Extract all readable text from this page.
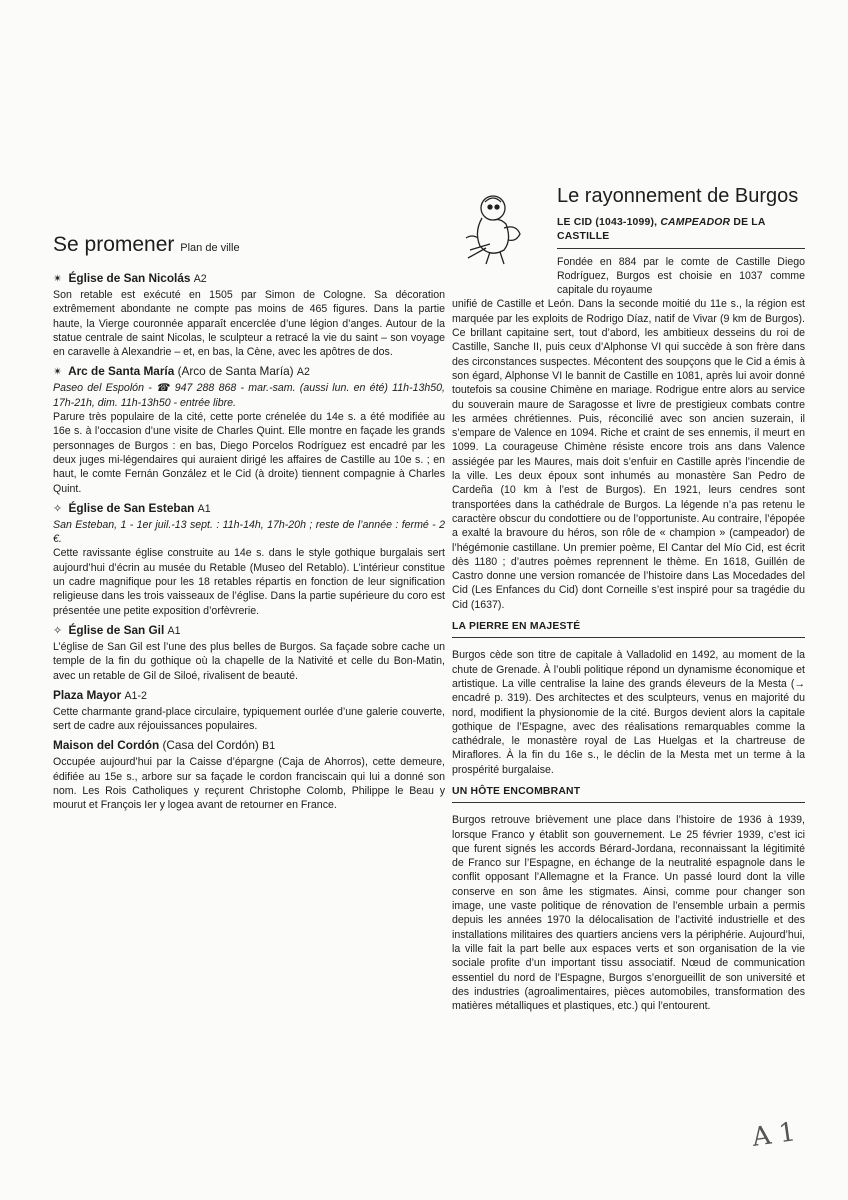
Se promener Plan de ville
✴ Église de San Nicolás A2

Son retable est exécuté en 1505 par Simon de Cologne. Sa décoration extrêmement abondante ne compte pas moins de 465 figures. Dans la partie haute, la Vierge couronnée apparaît encerclée d’une légion d’anges. Autour de la statue centrale de saint Nicolas, le sculpteur a retracé la vie du saint – son voyage en caravelle à Alexandrie – et, en bas, la Cène, avec les apôtres de dos.

✴ Arc de Santa María (Arco de Santa María) A2

Paseo del Espolón - ☎ 947 288 868 - mar.-sam. (aussi lun. en été) 11h-13h50, 17h-21h, dim. 11h-13h50 - entrée libre.

Parure très populaire de la cité, cette porte crénelée du 14e s. a été modifiée au 16e s. à l’occasion d’une visite de Charles Quint. Elle montre en façade les grands personnages de Burgos : en bas, Diego Porcelos Rodríguez est encadré par les deux juges mi-légendaires qui auraient dirigé les affaires de Castille au 10e s. ; en haut, le comte Fernán González et le Cid (à droite) tiennent compagnie à Charles Quint.

✧ Église de San Esteban A1

San Esteban, 1 - 1er juil.-13 sept. : 11h-14h, 17h-20h ; reste de l’année : fermé - 2 €.

Cette ravissante église construite au 14e s. dans le style gothique burgalais sert aujourd’hui d’écrin au musée du Retable (Museo del Retablo). L’intérieur constitue un cadre magnifique pour les 18 retables répartis en fonction de leur signification religieuse dans les trois vaisseaux de l’église. Dans la partie supérieure du coro est présentée une petite exposition d’orfèvrerie.

✧ Église de San Gil A1

L’église de San Gil est l’une des plus belles de Burgos. Sa façade sobre cache un temple de la fin du gothique où la chapelle de la Nativité et celle du Bon-Matin, avec un retable de Gil de Siloé, rivalisent de beauté.

Plaza Mayor A1-2

Cette charmante grand-place circulaire, typiquement ourlée d’une galerie couverte, sert de cadre aux réjouissances populaires.

Maison del Cordón (Casa del Cordón) B1

Occupée aujourd’hui par la Caisse d’épargne (Caja de Ahorros), cette demeure, édifiée au 15e s., arbore sur sa façade le cordon franciscain qui lui a donné son nom. Les Rois Catholiques y reçurent Christophe Colomb, Philippe le Beau y mourut et François Ier y logea avant de retourner en France.

Le rayonnement de Burgos
LE CID (1043-1099), CAMPEADOR DE LA CASTILLE

Fondée en 884 par le comte de Castille Diego Rodríguez, Burgos est choisie en 1037 comme capitale du royaume

unifié de Castille et León. Dans la seconde moitié du 11e s., la région est marquée par les exploits de Rodrigo Díaz, natif de Vivar (9 km de Burgos). Ce brillant capitaine sert, tout d’abord, les ambitieux desseins du roi de Castille, Sanche II, puis ceux d’Alphonse VI qui succède à son frère dans des circonstances suspectes. Mécontent des soupçons que le Cid a émis à son égard, Alphonse VI le bannit de Castille en 1081, après lui avoir donné toutefois sa cousine Chimène en mariage. Rodrigue entre alors au service du souverain maure de Saragosse et livre de prestigieux combats contre les armées chrétiennes. Puis, réconcilié avec son ancien suzerain, il s’empare de Valence en 1094. Riche et craint de ses ennemis, il meurt en 1099. La courageuse Chimène résiste encore trois ans dans Valence assiégée par les Maures, mais doit s’enfuir en Castille après l’incendie de la ville. Les deux époux sont inhumés au monastère San Pedro de Cardeña (10 km à l’est de Burgos). En 1921, leurs cendres sont transportées dans la cathédrale de Burgos. La légende n’a pas retenu le caractère obscur du condottiere ou de l’opportuniste. Au contraire, l’épopée a exalté la bravoure du héros, son rôle de « champion » (campeador) de l’hégémonie castillane. Un premier poème, El Cantar del Mío Cid, est écrit dès 1180 ; d’autres poèmes reprennent le thème. En 1618, Guillén de Castro donne une version romancée de l’histoire dans Las Mocedades del Cid (Les Enfances du Cid) dont Corneille s’est inspiré pour sa tragédie du Cid (1637).

LA PIERRE EN MAJESTÉ

Burgos cède son titre de capitale à Valladolid en 1492, au moment de la chute de Grenade. À l’oubli politique répond un dynamisme économique et artistique. La ville centralise la laine des grands éleveurs de la Mesta (→ encadré p. 319). Des architectes et des sculpteurs, venus en majorité du nord, modifient la physionomie de la cité. Burgos devient alors la capitale gothique de l’Espagne, avec des réalisations remarquables comme la cathédrale, le monastère royal de Las Huelgas et la chartreuse de Miraflores. À la fin du 16e s., le déclin de la Mesta met un terme à la prospérité burgalaise.

UN HÔTE ENCOMBRANT

Burgos retrouve brièvement une place dans l’histoire de 1936 à 1939, lorsque Franco y établit son gouvernement. Le 25 février 1939, c’est ici que furent signés les accords Bérard-Jordana, reconnaissant la légitimité de Franco sur l’Espagne, en échange de la neutralité espagnole dans le conflit opposant l’Allemagne et la France. Un passé lourd dont la ville conserve en son âme les stigmates. Ainsi, comme pour changer son image, une vaste politique de rénovation de l’ensemble urbain a permis depuis les années 1970 la délocalisation de l’activité industrielle et des installations militaires des quartiers anciens vers la périphérie. Aujourd’hui, la ville fait la part belle aux espaces verts et son organisation de la vie sociale profite d’un important tissu associatif. Nœud de communication essentiel du nord de l’Espagne, Burgos s’enorgueillit de son université et des industries (agroalimentaires, pièces automobiles, transformation des matières métalliques et plastiques, etc.) qui l’entourent.

A 1
